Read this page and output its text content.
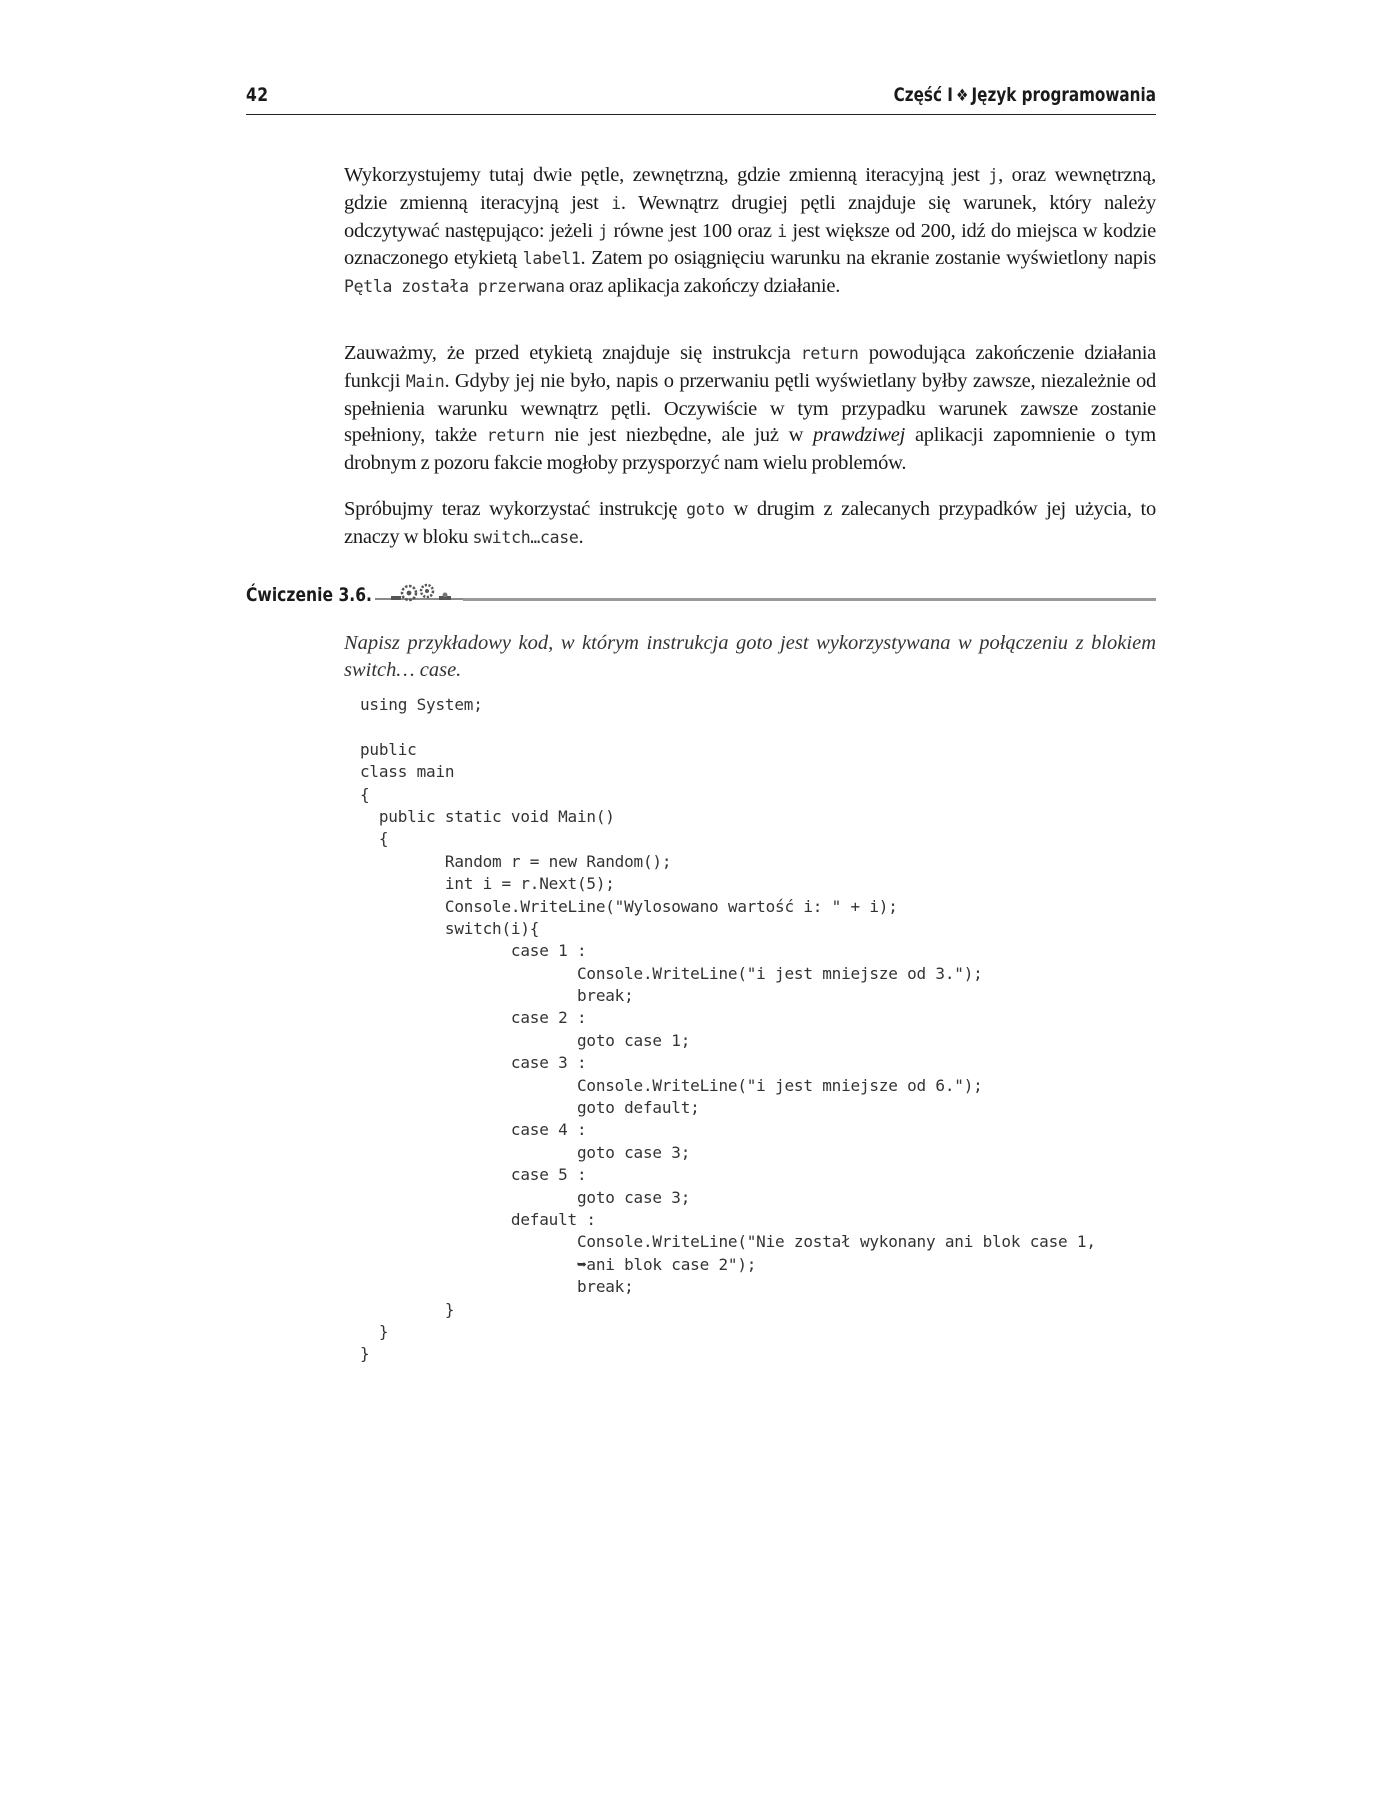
42	Część I ❖ Język programowania

Wykorzystujemy tutaj dwie pętle, zewnętrzną, gdzie zmienną iteracyjną jest j, oraz wewnętrzną, gdzie zmienną iteracyjną jest i. Wewnątrz drugiej pętli znajduje się warunek, który należy odczytywać następująco: jeżeli j równe jest 100 oraz i jest większe od 200, idź do miejsca w kodzie oznaczonego etykietą label1. Zatem po osiągnięciu warunku na ekranie zostanie wyświetlony napis Pętla została przerwana oraz aplikacja zakończy działanie.

Zauważmy, że przed etykietą znajduje się instrukcja return powodująca zakończenie działania funkcji Main. Gdyby jej nie było, napis o przerwaniu pętli wyświetlany byłby zawsze, niezależnie od spełnienia warunku wewnątrz pętli. Oczywiście w tym przypadku warunek zawsze zostanie spełniony, także return nie jest niezbędne, ale już w prawdziwej aplikacji zapomnienie o tym drobnym z pozoru fakcie mogłoby przysporzyć nam wielu problemów.

Spróbujmy teraz wykorzystać instrukcję goto w drugim z zalecanych przypadków jej użycia, to znaczy w bloku switch…case.

Ćwiczenie 3.6.

Napisz przykładowy kod, w którym instrukcja goto jest wykorzystywana w połączeniu z blokiem switch… case.

using System;
public
class main
{
public static void Main()
{
Random r = new Random();
int i = r.Next(5);
Console.WriteLine("Wylosowano wartość i: " + i);
switch(i){
case 1 :
Console.WriteLine("i jest mniejsze od 3.");
break;
case 2 :
goto case 1;
case 3 :
Console.WriteLine("i jest mniejsze od 6.");
goto default;
case 4 :
goto case 3;
case 5 :
goto case 3;
default :
Console.WriteLine("Nie został wykonany ani blok case 1,
➥ani blok case 2");
break;
}
}
}
